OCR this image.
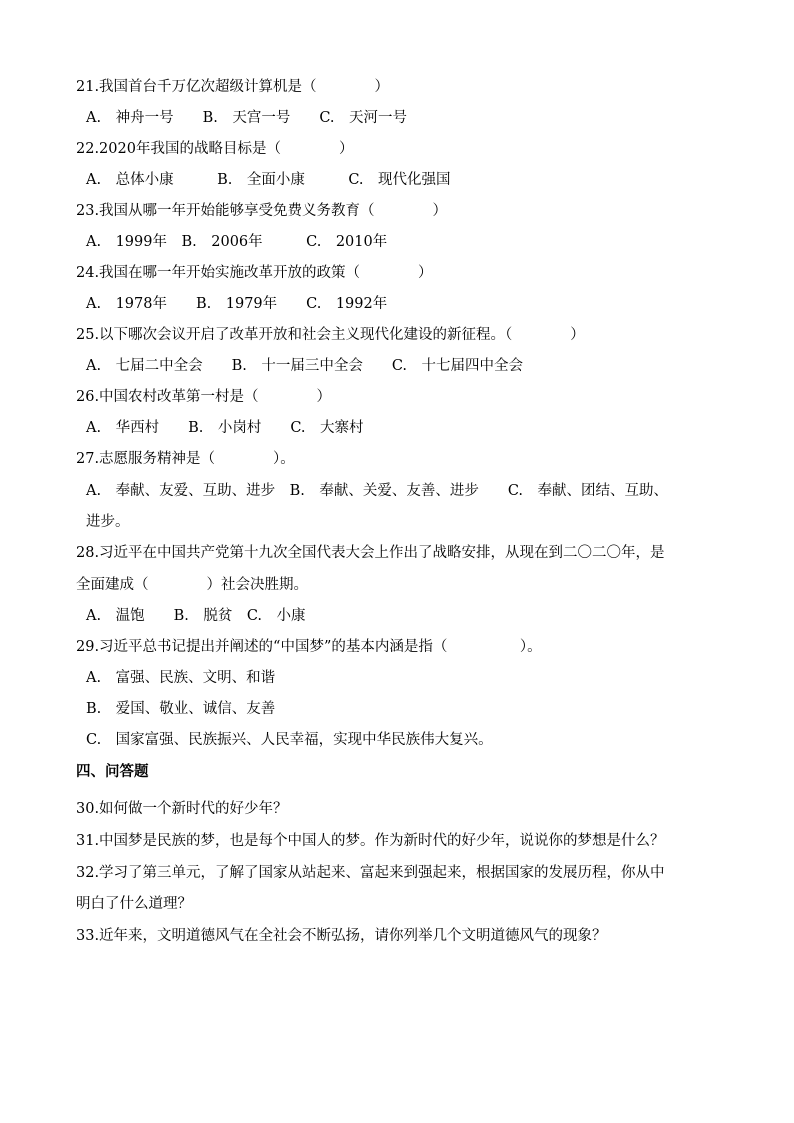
21.我国首台千万亿次超级计算机是（　　　　）
A.　神舟一号　　B.　天宫一号　　C.　天河一号
22.2020年我国的战略目标是（　　　　）
A.　总体小康　　　B.　全面小康　　　C.　现代化强国
23.我国从哪一年开始能够享受免费义务教育（　　　　）
A.　1999年　B.　2006年　　　C.　2010年
24.我国在哪一年开始实施改革开放的政策（　　　　）
A.　1978年　　B.　1979年　　C.　1992年
25.以下哪次会议开启了改革开放和社会主义现代化建设的新征程。（　　　　）
A.　七届二中全会　　B.　十一届三中全会　　C.　十七届四中全会
26.中国农村改革第一村是（　　　　）
A.　华西村　　B.　小岗村　　C.　大寨村
27.志愿服务精神是（　　　　）。
A.　奉献、友爱、互助、进步　B.　奉献、关爱、友善、进步　　C.　奉献、团结、互助、
进步。
28.习近平在中国共产党第十九次全国代表大会上作出了战略安排，从现在到二〇二〇年，是
全面建成（　　　　）社会决胜期。
A.　温饱　　B.　脱贫　C.　小康
29.习近平总书记提出并阐述的“中国梦”的基本内涵是指（　　　　　）。
A.　富强、民族、文明、和谐
B.　爱国、敬业、诚信、友善
C.　国家富强、民族振兴、人民幸福，实现中华民族伟大复兴。
四、问答题
30.如何做一个新时代的好少年？
31.中国梦是民族的梦，也是每个中国人的梦。作为新时代的好少年，说说你的梦想是什么？
32.学习了第三单元，了解了国家从站起来、富起来到强起来，根据国家的发展历程，你从中
明白了什么道理？
33.近年来，文明道德风气在全社会不断弘扬，请你列举几个文明道德风气的现象？
